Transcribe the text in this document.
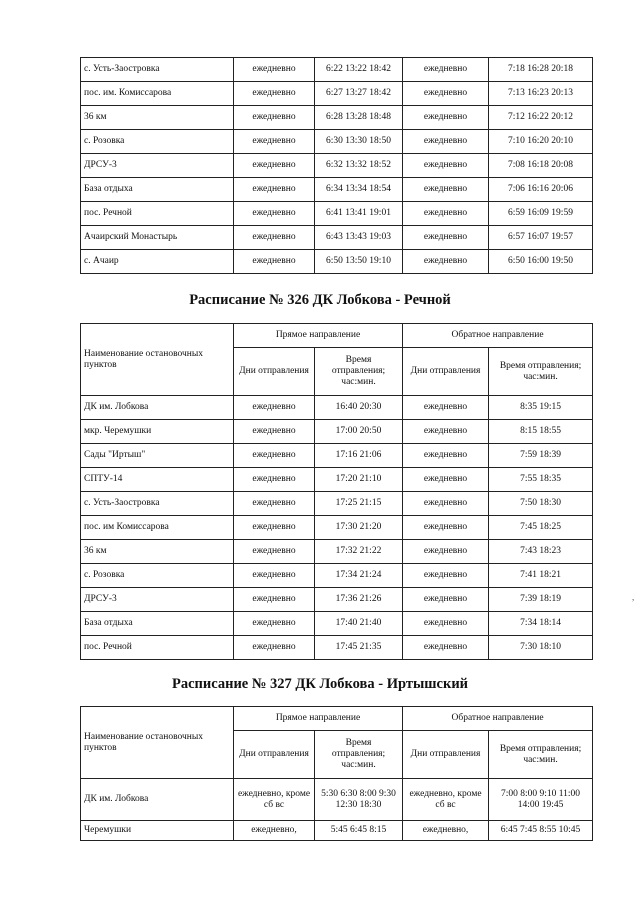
с. Усть-Заостровка	ежедневно	6:22 13:22 18:42	ежедневно	7:18 16:28 20:18
пос. им. Комиссарова	ежедневно	6:27 13:27 18:42	ежедневно	7:13 16:23 20:13
36 км	ежедневно	6:28 13:28 18:48	ежедневно	7:12 16:22 20:12
с. Розовка	ежедневно	6:30 13:30 18:50	ежедневно	7:10 16:20 20:10
ДРСУ-3	ежедневно	6:32 13:32 18:52	ежедневно	7:08 16:18 20:08
База отдыха	ежедневно	6:34 13:34 18:54	ежедневно	7:06 16:16 20:06
пос. Речной	ежедневно	6:41 13:41 19:01	ежедневно	6:59 16:09 19:59
Ачаирский Монастырь	ежедневно	6:43 13:43 19:03	ежедневно	6:57 16:07 19:57
с. Ачаир	ежедневно	6:50 13:50 19:10	ежедневно	6:50 16:00 19:50
Расписание № 326 ДК Лобкова - Речной
Наименование остановочных пунктов	Прямое направление		Обратное направление	
	Дни отправления	Время отправления; час:мин.	Дни отправления	Время отправления; час:мин.
ДК им. Лобкова	ежедневно	16:40 20:30	ежедневно	8:35 19:15
мкр. Черемушки	ежедневно	17:00 20:50	ежедневно	8:15 18:55
Сады "Иртыш"	ежедневно	17:16 21:06	ежедневно	7:59 18:39
СПТУ-14	ежедневно	17:20 21:10	ежедневно	7:55 18:35
с. Усть-Заостровка	ежедневно	17:25 21:15	ежедневно	7:50 18:30
пос. им Комиссарова	ежедневно	17:30 21:20	ежедневно	7:45 18:25
36 км	ежедневно	17:32 21:22	ежедневно	7:43 18:23
с. Розовка	ежедневно	17:34 21:24	ежедневно	7:41 18:21
ДРСУ-3	ежедневно	17:36 21:26	ежедневно	7:39 18:19
База отдыха	ежедневно	17:40 21:40	ежедневно	7:34 18:14
пос. Речной	ежедневно	17:45 21:35	ежедневно	7:30 18:10
Расписание № 327 ДК Лобкова - Иртышский
Наименование остановочных пунктов	Прямое направление		Обратное направление	
	Дни отправления	Время отправления; час:мин.	Дни отправления	Время отправления; час:мин.
ДК им. Лобкова	ежедневно, кроме сб вс	5:30 6:30 8:00 9:30 12:30 18:30	ежедневно, кроме сб вс	7:00 8:00 9:10 11:00 14:00 19:45
Черемушки	ежедневно,	5:45 6:45 8:15	ежедневно,	6:45 7:45 8:55 10:45
,
